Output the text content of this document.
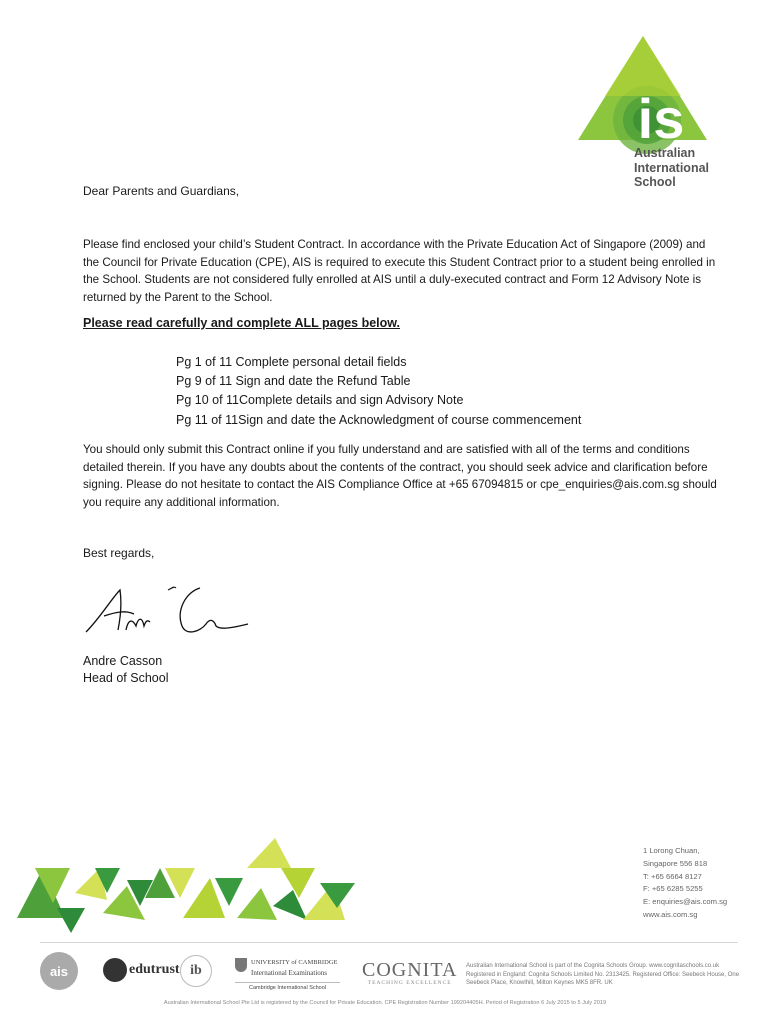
is
Australian
International
School
Dear Parents and Guardians,
Please find enclosed your child’s Student Contract. In accordance with the Private Education Act of Singapore (2009) and the Council for Private Education (CPE), AIS is required to execute this Student Contract prior to a student being enrolled in the School. Students are not considered fully enrolled at AIS until a duly-executed contract and Form 12 Advisory Note is returned by the Parent to the School.
Please read carefully and complete ALL pages below.
Pg 1 of 11 Complete personal detail fields
Pg 9 of 11 Sign and date the Refund Table
Pg 10 of 11Complete details and sign Advisory Note
Pg 11 of 11Sign and date the Acknowledgment of course commencement
You should only submit this Contract online if you fully understand and are satisfied with all of the terms and conditions detailed therein. If you have any doubts about the contents of the contract, you should seek advice and clarification before signing. Please do not hesitate to contact the AIS Compliance Office at +65 67094815 or cpe_enquiries@ais.com.sg should you require any additional information.
Best regards,
Andre Casson
Head of School
1 Lorong Chuan,
Singapore 556 818
T: +65 6664 8127
F: +65 6285 5255
E: enquiries@ais.com.sg
www.ais.com.sg
ais	edutrust ib
UNIVERSITY of CAMBRIDGE
International Examinations
Cambridge International School
COGNITA
TEACHING EXCELLENCE
Australian International School is part of the Cognita Schools Group. www.cognitaschools.co.uk Registered in England: Cognita Schools Limited No. 2313425. Registered Office: Seebeck House, One Seebeck Place, Knowlhill, Milton Keynes MK5 8FR. UK
Australian International School Pte Ltd is registered by the Council for Private Education. CPE Registration Number 199204405H. Period of Registration 6 July 2015 to 5 July 2019
